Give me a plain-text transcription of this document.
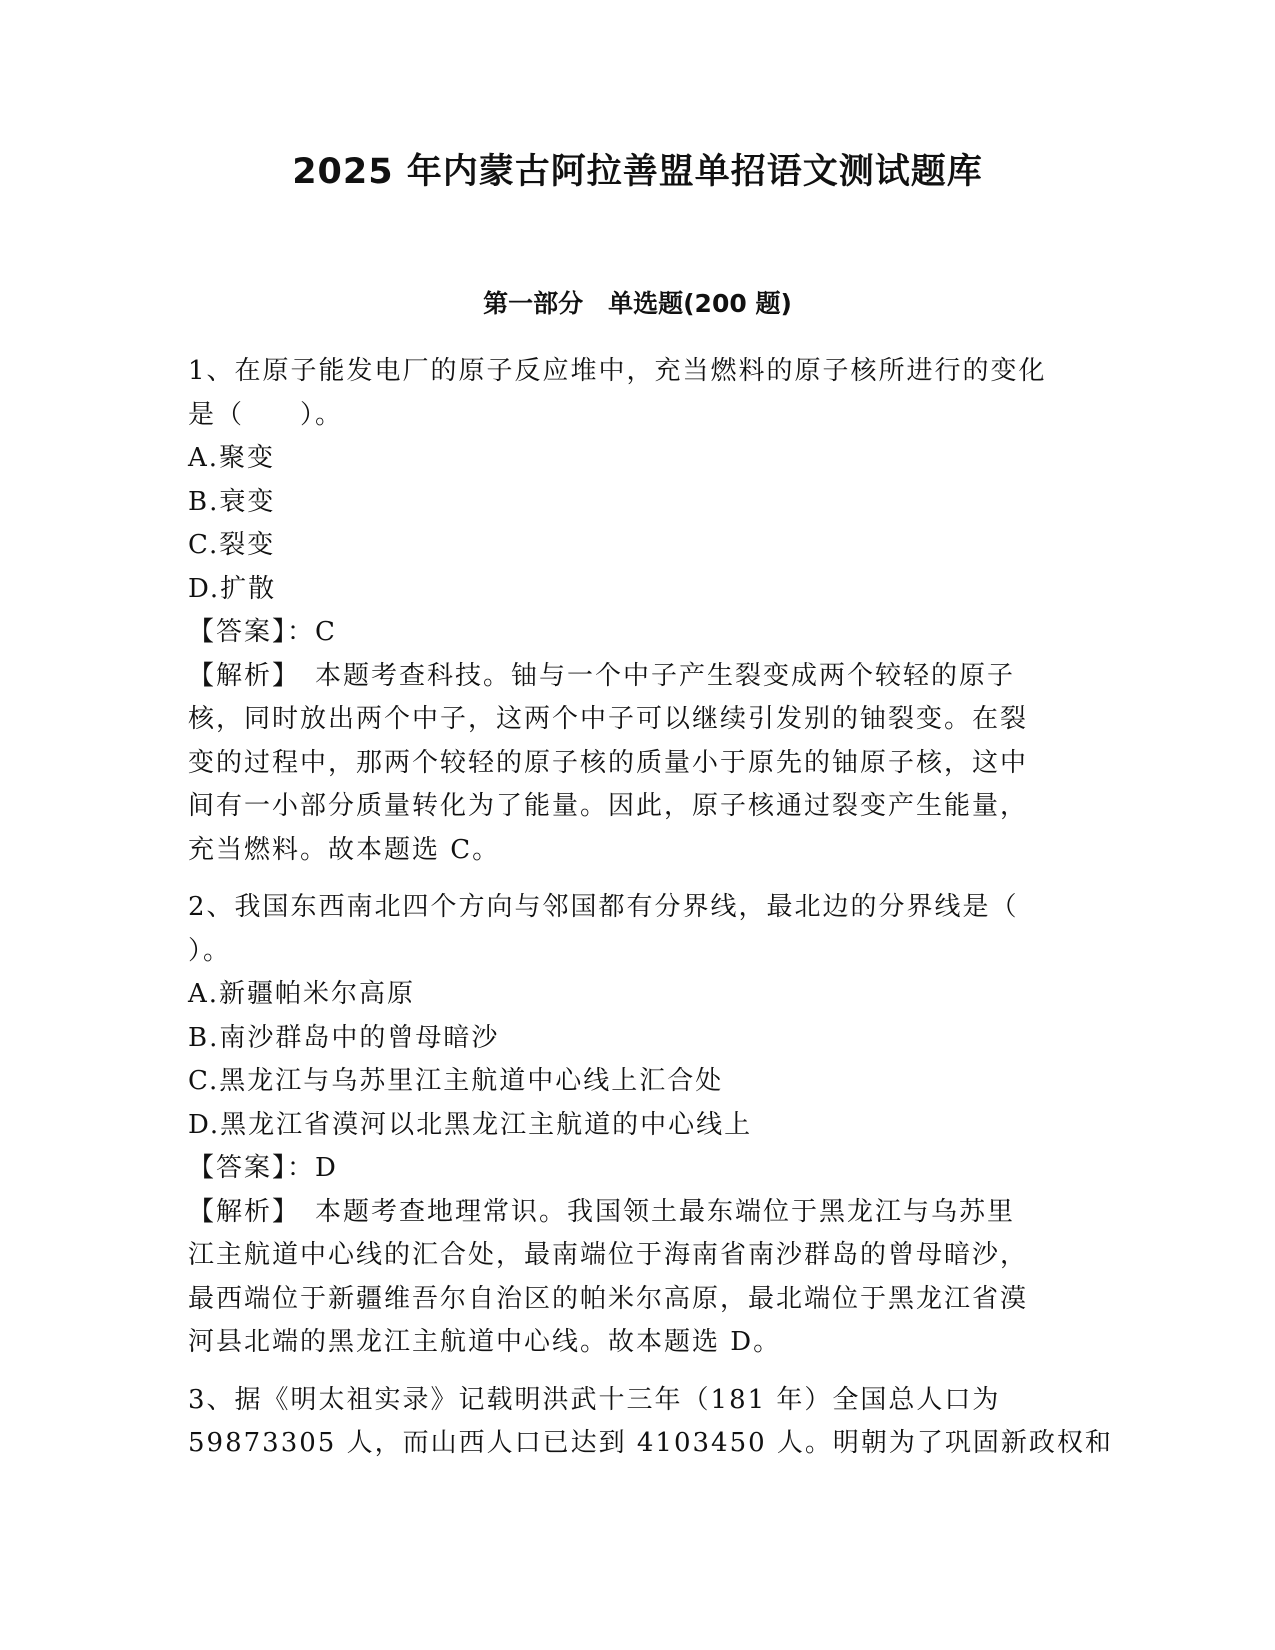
2025 年内蒙古阿拉善盟单招语文测试题库
第一部分　单选题(200 题)
1、在原子能发电厂的原子反应堆中，充当燃料的原子核所进行的变化
是（　　）。
A.聚变
B.衰变
C.裂变
D.扩散
【答案】：C
【解析】　本题考查科技。铀与一个中子产生裂变成两个较轻的原子
核，同时放出两个中子，这两个中子可以继续引发别的铀裂变。在裂
变的过程中，那两个较轻的原子核的质量小于原先的铀原子核，这中
间有一小部分质量转化为了能量。因此，原子核通过裂变产生能量，
充当燃料。故本题选 C。
2、我国东西南北四个方向与邻国都有分界线，最北边的分界线是（
）。
A.新疆帕米尔高原
B.南沙群岛中的曾母暗沙
C.黑龙江与乌苏里江主航道中心线上汇合处
D.黑龙江省漠河以北黑龙江主航道的中心线上
【答案】：D
【解析】　本题考查地理常识。我国领土最东端位于黑龙江与乌苏里
江主航道中心线的汇合处，最南端位于海南省南沙群岛的曾母暗沙，
最西端位于新疆维吾尔自治区的帕米尔高原，最北端位于黑龙江省漠
河县北端的黑龙江主航道中心线。故本题选 D。
3、据《明太祖实录》记载明洪武十三年（181 年）全国总人口为
59873305 人，而山西人口已达到 4103450 人。明朝为了巩固新政权和
